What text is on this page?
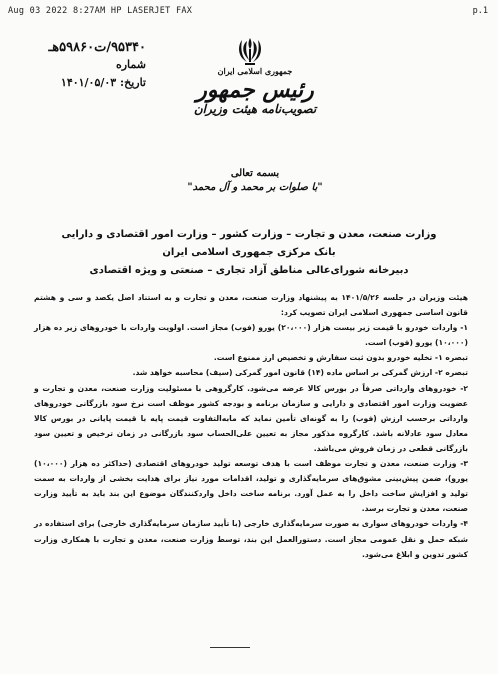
Aug 03 2022 8:27AM HP LASERJET FAX	p.1
۹۵۳۴۰/ت۵۹۸۶۰هـ
شماره
تاریخ: ۱۴۰۱/۰۵/۰۳
جمهوری اسلامی ایران
رئیس جمهور
تصویب‌نامه هیئت وزیران
بسمه تعالی
"با صلوات بر محمد و آل محمد"
وزارت صنعت، معدن و تجارت – وزارت کشور – وزارت امور اقتصادی و دارایی
بانک مرکزی جمهوری اسلامی ایران
دبیرخانه شورای‌عالی مناطق آزاد تجاری – صنعتی و ویژه اقتصادی

هیئت وزیران در جلسه ۱۴۰۱/۵/۲۶ به پیشنهاد وزارت صنعت، معدن و تجارت و به استناد اصل یکصد و سی و هشتم قانون اساسی جمهوری اسلامی ایران تصویب کرد:

۱- واردات خودرو با قیمت زیر بیست هزار (۲۰،۰۰۰) یورو (فوب) مجاز است. اولویت واردات با خودروهای زیر ده هزار (۱۰،۰۰۰) یورو (فوب) است.

تبصره ۱- تخلیه خودرو بدون ثبت سفارش و تخصیص ارز ممنوع است.

تبصره ۲- ارزش گمرکی بر اساس ماده (۱۴) قانون امور گمرکی (سیف) محاسبه خواهد شد.

۲- خودروهای وارداتی صرفاً در بورس کالا عرضه می‌شود. کارگروهی با مسئولیت وزارت صنعت، معدن و تجارت و عضویت وزارت امور اقتصادی و دارایی و سازمان برنامه و بودجه کشور موظف است نرخ سود بازرگانی خودروهای وارداتی برحسب ارزش (فوب) را به گونه‌ای تأمین نماید که مابه‌التفاوت قیمت پایه با قیمت پایانی در بورس کالا معادل سود عادلانه باشد. کارگروه مذکور مجاز به تعیین علی‌الحساب سود بازرگانی در زمان ترخیص و تعیین سود بازرگانی قطعی در زمان فروش می‌باشد.

۳- وزارت صنعت، معدن و تجارت موظف است با هدف توسعه تولید خودروهای اقتصادی (حداکثر ده هزار (۱۰،۰۰۰) یورو)، ضمن پیش‌بینی مشوق‌های سرمایه‌گذاری و تولید، اقدامات مورد نیاز برای هدایت بخشی از واردات به سمت تولید و افزایش ساخت داخل را به عمل آورد. برنامه ساخت داخل واردکنندگان موضوع این بند باید به تأیید وزارت صنعت، معدن و تجارت برسد.

۴- واردات خودروهای سواری به صورت سرمایه‌گذاری خارجی (با تأیید سازمان سرمایه‌گذاری خارجی) برای استفاده در شبکه حمل و نقل عمومی مجاز است. دستورالعمل این بند، توسط وزارت صنعت، معدن و تجارت با همکاری وزارت کشور تدوین و ابلاغ می‌شود.
